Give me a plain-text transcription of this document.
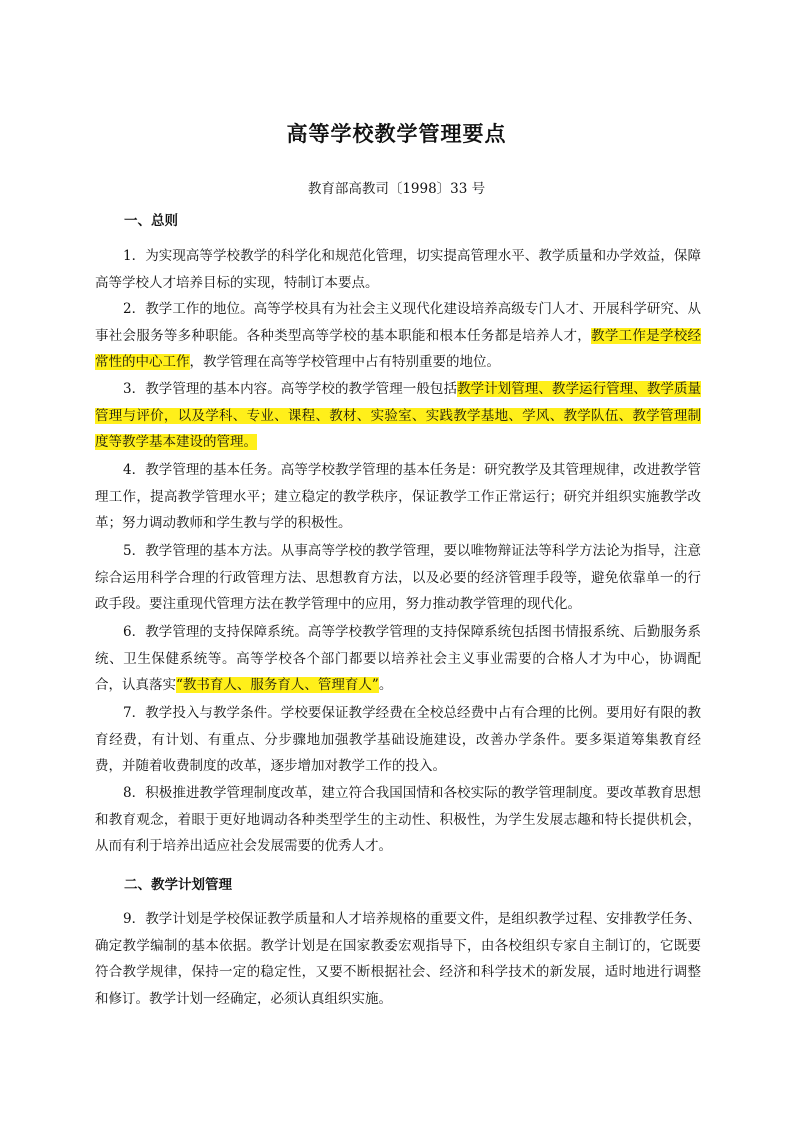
高等学校教学管理要点
教育部高教司〔1998〕33 号
一、总则

1．为实现高等学校教学的科学化和规范化管理，切实提高管理水平、教学质量和办学效益，保障高等学校人才培养目标的实现，特制订本要点。

2．教学工作的地位。高等学校具有为社会主义现代化建设培养高级专门人才、开展科学研究、从事社会服务等多种职能。各种类型高等学校的基本职能和根本任务都是培养人才，教学工作是学校经常性的中心工作，教学管理在高等学校管理中占有特别重要的地位。

3．教学管理的基本内容。高等学校的教学管理一般包括教学计划管理、教学运行管理、教学质量管理与评价，以及学科、专业、课程、教材、实验室、实践教学基地、学风、教学队伍、教学管理制度等教学基本建设的管理。

4．教学管理的基本任务。高等学校教学管理的基本任务是：研究教学及其管理规律，改进教学管理工作，提高教学管理水平；建立稳定的教学秩序，保证教学工作正常运行；研究并组织实施教学改革；努力调动教师和学生教与学的积极性。

5．教学管理的基本方法。从事高等学校的教学管理，要以唯物辩证法等科学方法论为指导，注意综合运用科学合理的行政管理方法、思想教育方法，以及必要的经济管理手段等，避免依靠单一的行政手段。要注重现代管理方法在教学管理中的应用，努力推动教学管理的现代化。

6．教学管理的支持保障系统。高等学校教学管理的支持保障系统包括图书情报系统、后勤服务系统、卫生保健系统等。高等学校各个部门都要以培养社会主义事业需要的合格人才为中心，协调配合，认真落实“教书育人、服务育人、管理育人”。

7．教学投入与教学条件。学校要保证教学经费在全校总经费中占有合理的比例。要用好有限的教育经费，有计划、有重点、分步骤地加强教学基础设施建设，改善办学条件。要多渠道筹集教育经费，并随着收费制度的改革，逐步增加对教学工作的投入。

8．积极推进教学管理制度改革，建立符合我国国情和各校实际的教学管理制度。要改革教育思想和教育观念，着眼于更好地调动各种类型学生的主动性、积极性，为学生发展志趣和特长提供机会，从而有利于培养出适应社会发展需要的优秀人才。

二、教学计划管理

9．教学计划是学校保证教学质量和人才培养规格的重要文件，是组织教学过程、安排教学任务、确定教学编制的基本依据。教学计划是在国家教委宏观指导下，由各校组织专家自主制订的，它既要符合教学规律，保持一定的稳定性，又要不断根据社会、经济和科学技术的新发展，适时地进行调整和修订。教学计划一经确定，必须认真组织实施。
